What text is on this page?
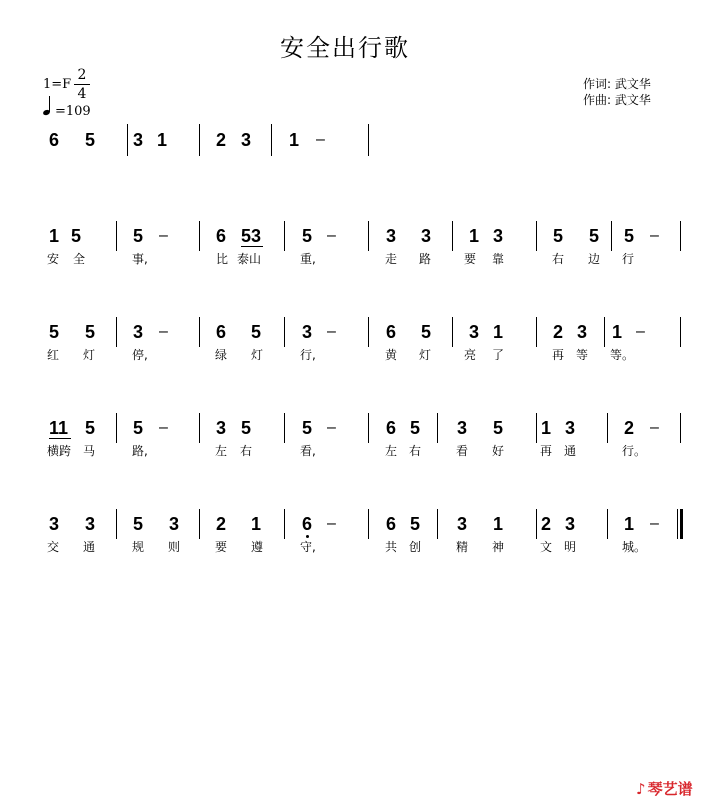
安全出行歌
1=F
2
4
=109
作词: 武文华
作曲: 武文华
6 5 3 1	2 3 1 –
1 5	5 –	6 53 5 –	3 3 1 3	5 5 5 –
安 全	事,	比 泰山	重,	走 路	要 靠	右 边 行
5 5 3 –	6 5 3 –	6 5 3 1	2 3 1 –
红 灯	停,	绿 灯	行,	黄 灯	亮 了	再 等 等。
11 5 5 –	3 5	5 –	6 5 3 5 1 3	2 –
横跨 马	路,	左 右	看,	左 右	看 好	再 通	行。
3 3 5 3 2 1 6 –	6 5 3 1 2 3	1 –
交 通	规 则	要 遵	守,	共 创	精 神	文 明	城。
♪ 琴艺谱
